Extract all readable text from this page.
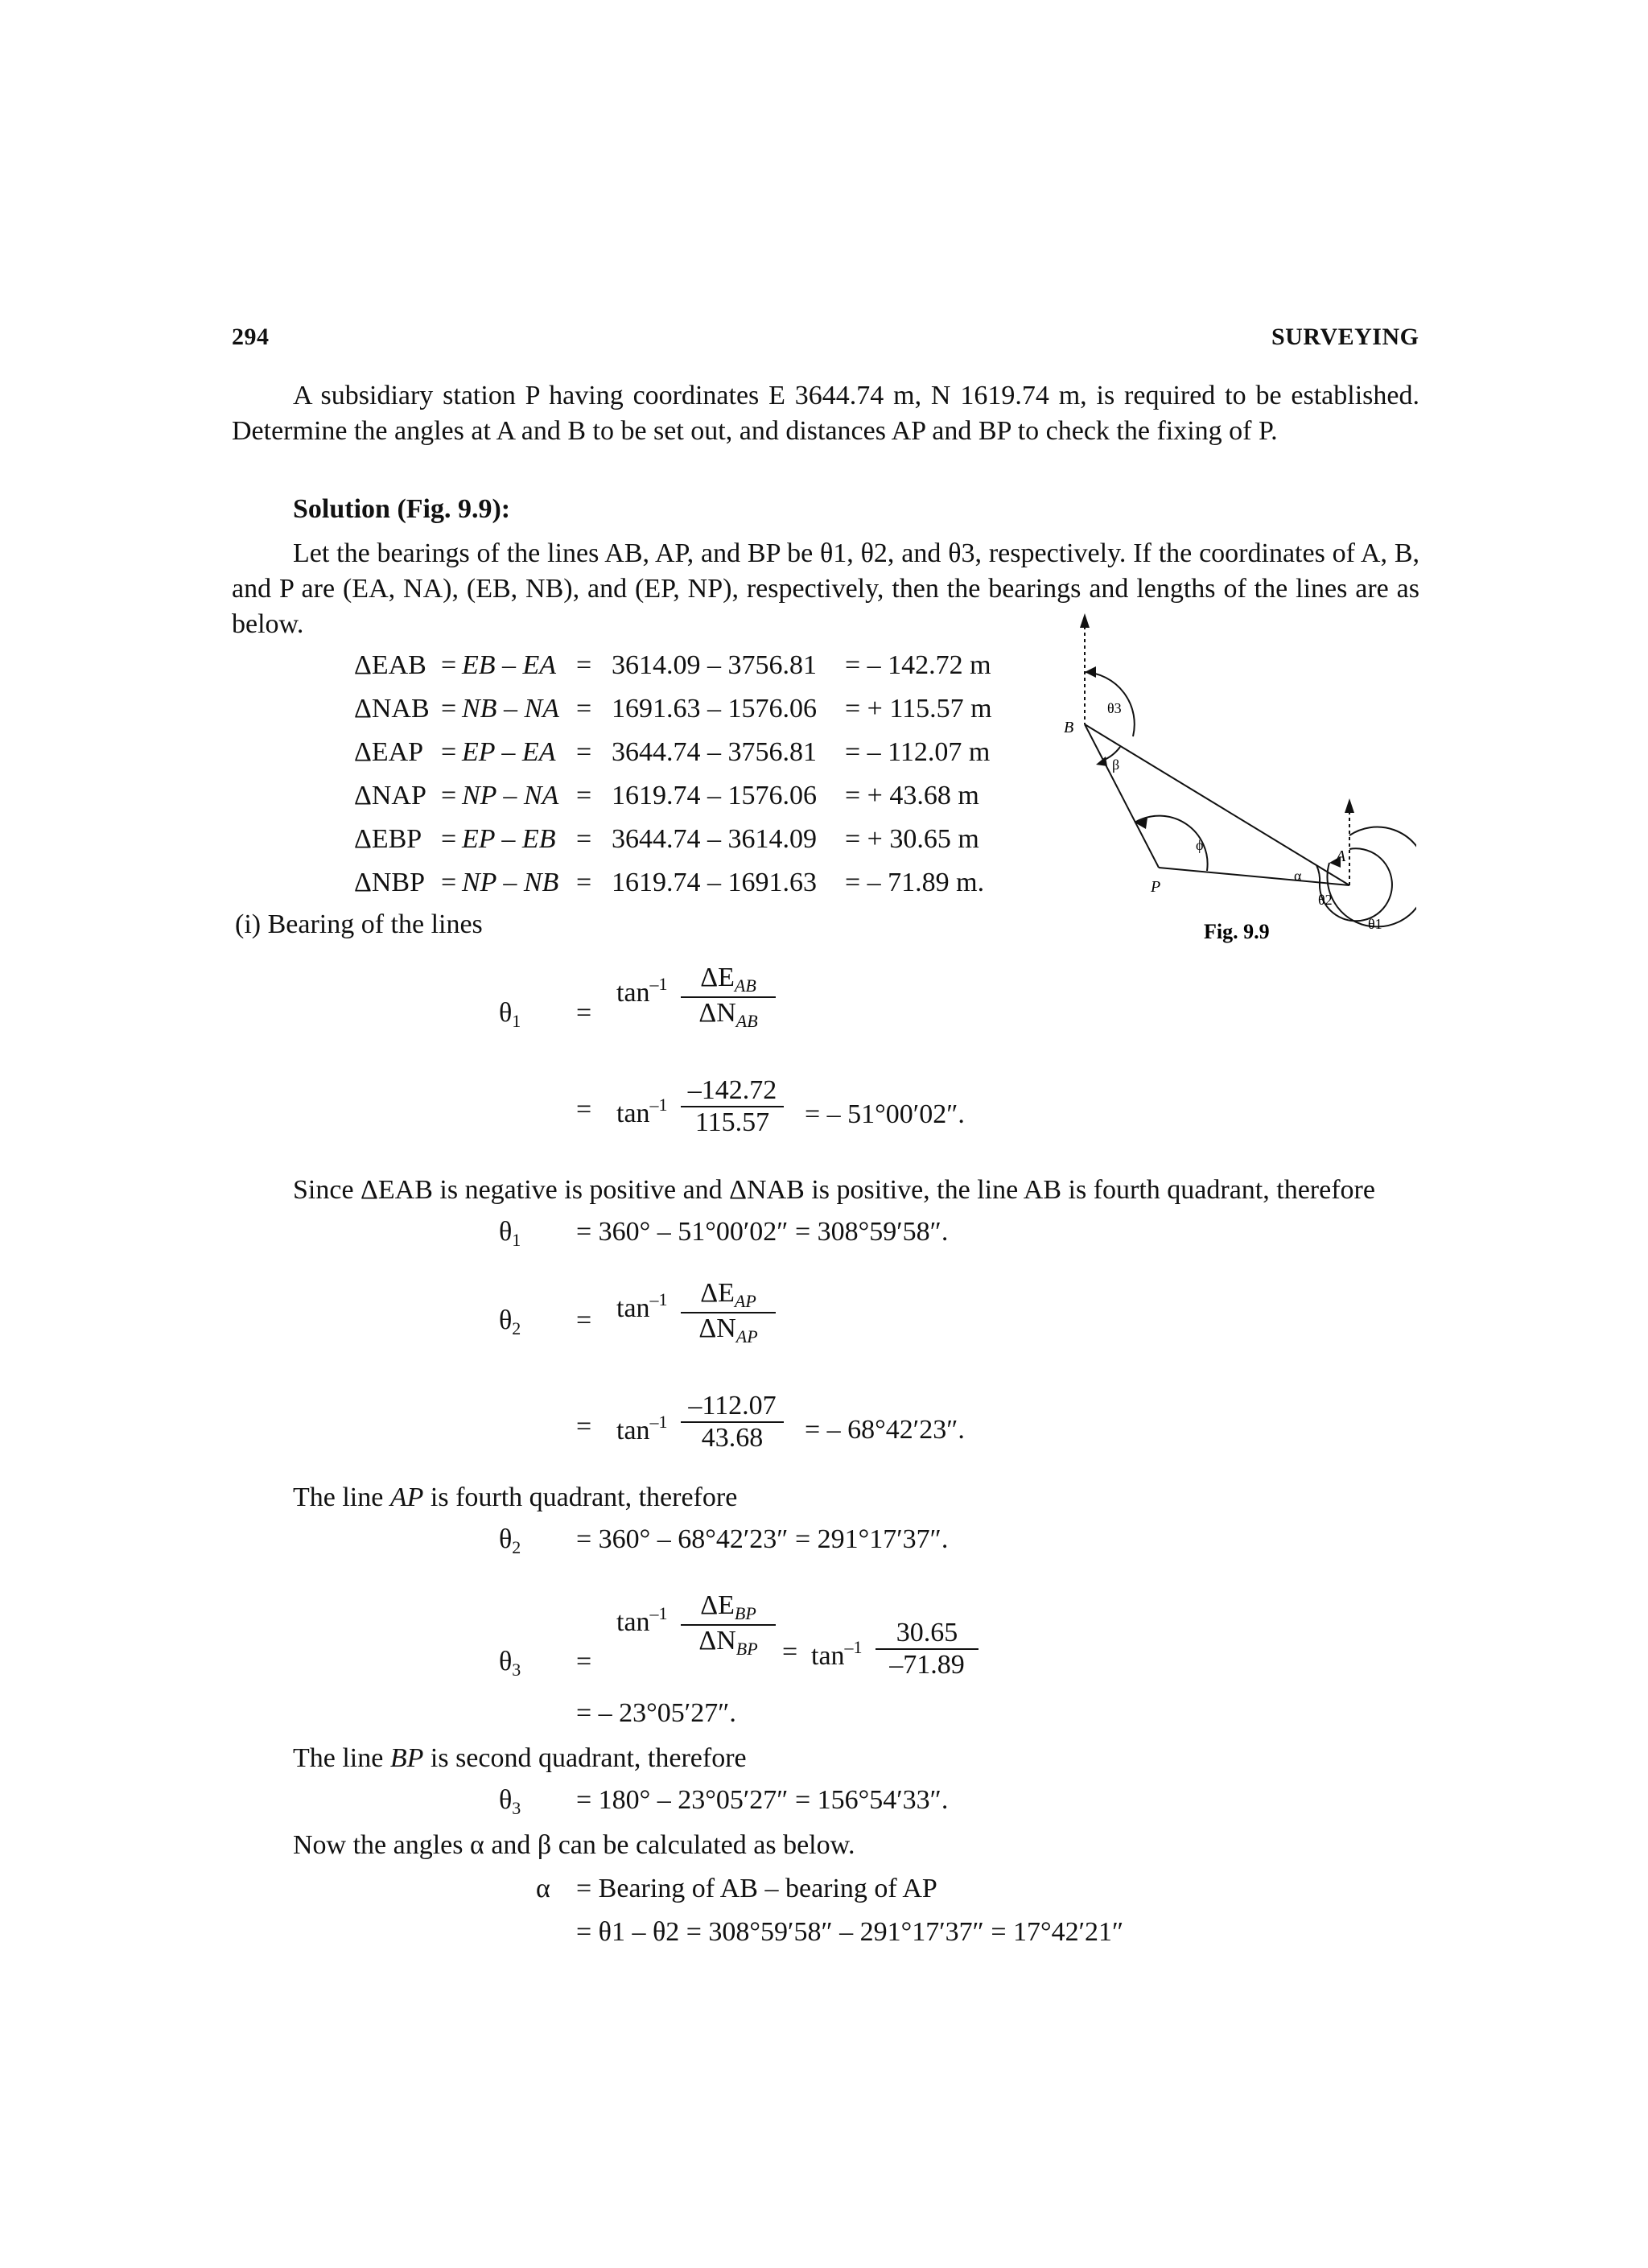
294	SURVEYING

A subsidiary station P having coordinates E 3644.74 m, N 1619.74 m, is required to be established. Determine the angles at A and B to be set out, and distances AP and BP to check the fixing of P.

Solution (Fig. 9.9):

Let the bearings of the lines AB, AP, and BP be θ1, θ2, and θ3, respectively. If the coordinates of A, B, and P are (EA, NA), (EB, NB), and (EP, NP), respectively, then the bearings and lengths of the lines are as below.

ΔEAB = EB – EA = 3614.09 – 3756.81 = – 142.72 m
ΔNAB = NB – NA = 1691.63 – 1576.06 = + 115.57 m
ΔEAP = EP – EA = 3644.74 – 3756.81 = – 112.07 m
ΔNAP = NP – NA = 1619.74 – 1576.06 = + 43.68 m
ΔEBP = EP – EB = 3644.74 – 3614.09 = + 30.65 m
ΔNBP = NP – NB = 1619.74 – 1691.63 = – 71.89 m.
(i) Bearing of the lines
B
P
A
θ3
β
ϕ
α
θ2
θ1
Fig. 9.9
$\theta_1$ =
$\tan^{-1}$	$\Delta E_{AB}$
$\Delta N_{AB}$
= $\tan^{-1} \frac{-142.72}{115.57}$ = – 51°00′02″.
Since ΔEAB is negative is positive and ΔNAB is positive, the line AB is fourth quadrant, therefore
$\theta_1 = 360^\circ - 51^\circ 00'02'' = 308^\circ 59'58''$.
$\theta_2 = \tan^{-1}$	$\Delta E_{AP}$
$\Delta N_{AP}$
= $\tan^{-1} \frac{-112.07}{43.68}$ = – 68°42′23″.
The line AP is fourth quadrant, therefore
$\theta_2 = 360^\circ - 68^\circ 42'23'' = 291^\circ 17'37''$.
$\tan^{-1}$	$\Delta E_{BP}$
$\Delta N_{BP}$
$\theta_3$ =	= $\tan^{-1} \frac{30.65}{-71.89}$
= – 23°05′27″.
The line BP is second quadrant, therefore
$\theta_3 = 180^\circ - 23^\circ 05'27'' = 156^\circ 54'33''$.
Now the angles α and β can be calculated as below.
α = Bearing of AB – bearing of AP
= θ1 – θ2 = 308°59′58″ – 291°17′37″ = 17°42′21″
